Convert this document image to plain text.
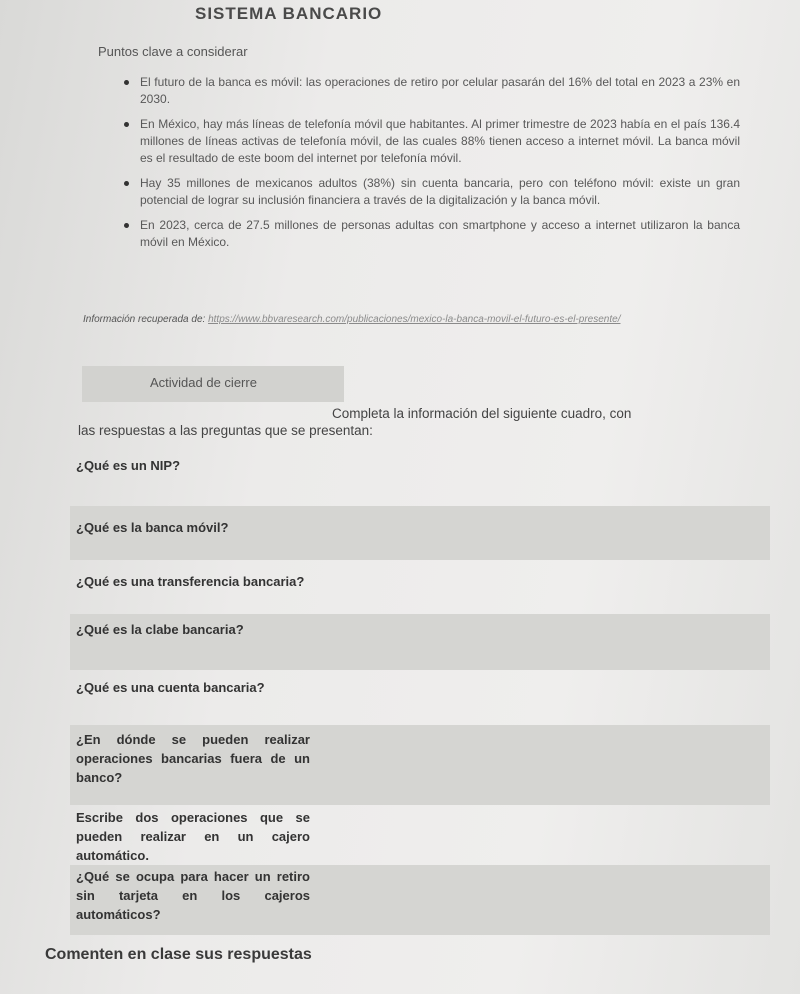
SISTEMA BANCARIO
Puntos clave a considerar
El futuro de la banca es móvil: las operaciones de retiro por celular pasarán del 16% del total en 2023 a 23% en 2030.
En México, hay más líneas de telefonía móvil que habitantes. Al primer trimestre de 2023 había en el país 136.4 millones de líneas activas de telefonía móvil, de las cuales 88% tienen acceso a internet móvil. La banca móvil es el resultado de este boom del internet por telefonía móvil.
Hay 35 millones de mexicanos adultos (38%) sin cuenta bancaria, pero con teléfono móvil: existe un gran potencial de lograr su inclusión financiera a través de la digitalización y la banca móvil.
En 2023, cerca de 27.5 millones de personas adultas con smartphone y acceso a internet utilizaron la banca móvil en México.
Información recuperada de: https://www.bbvaresearch.com/publicaciones/mexico-la-banca-movil-el-futuro-es-el-presente/
Actividad de cierre
Completa la información del siguiente cuadro, con
las respuestas a las preguntas que se presentan:
¿Qué es un NIP?
¿Qué es la banca móvil?
¿Qué es una transferencia bancaria?
¿Qué es la clabe bancaria?
¿Qué es una cuenta bancaria?
¿En dónde se pueden realizar operaciones bancarias fuera de un banco?
Escribe dos operaciones que se pueden realizar en un cajero automático.
¿Qué se ocupa para hacer un retiro sin tarjeta en los cajeros automáticos?
Comenten en clase sus respuestas
